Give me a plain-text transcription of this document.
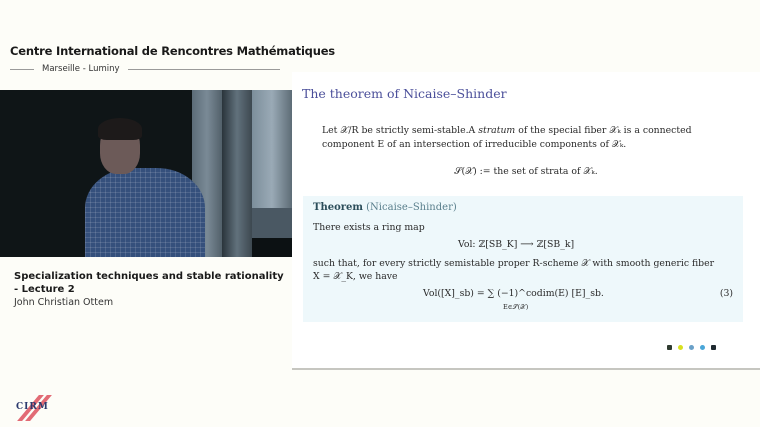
Centre International de Rencontres Mathématiques
Marseille - Luminy
Specialization techniques and stable rationality - Lecture 2
John Christian Ottem
CIRM
The theorem of Nicaise–Shinder
Let 𝒳/R be strictly semi-stable.A stratum of the special fiber 𝒳ₖ is a connected component E of an intersection of irreducible components of 𝒳ₖ.
𝒮(𝒳) := the set of strata of 𝒳ₖ.
Theorem (Nicaise–Shinder)
There exists a ring map
Vol: ℤ[SB_K] ⟶ ℤ[SB_k]
such that, for every strictly semistable proper R-scheme 𝒳 with smooth generic fiber
X = 𝒳_K, we have
Vol([X]_sb) = ∑ (−1)^codim(E) [E]_sb.
E∈𝒮(𝒳)
(3)
